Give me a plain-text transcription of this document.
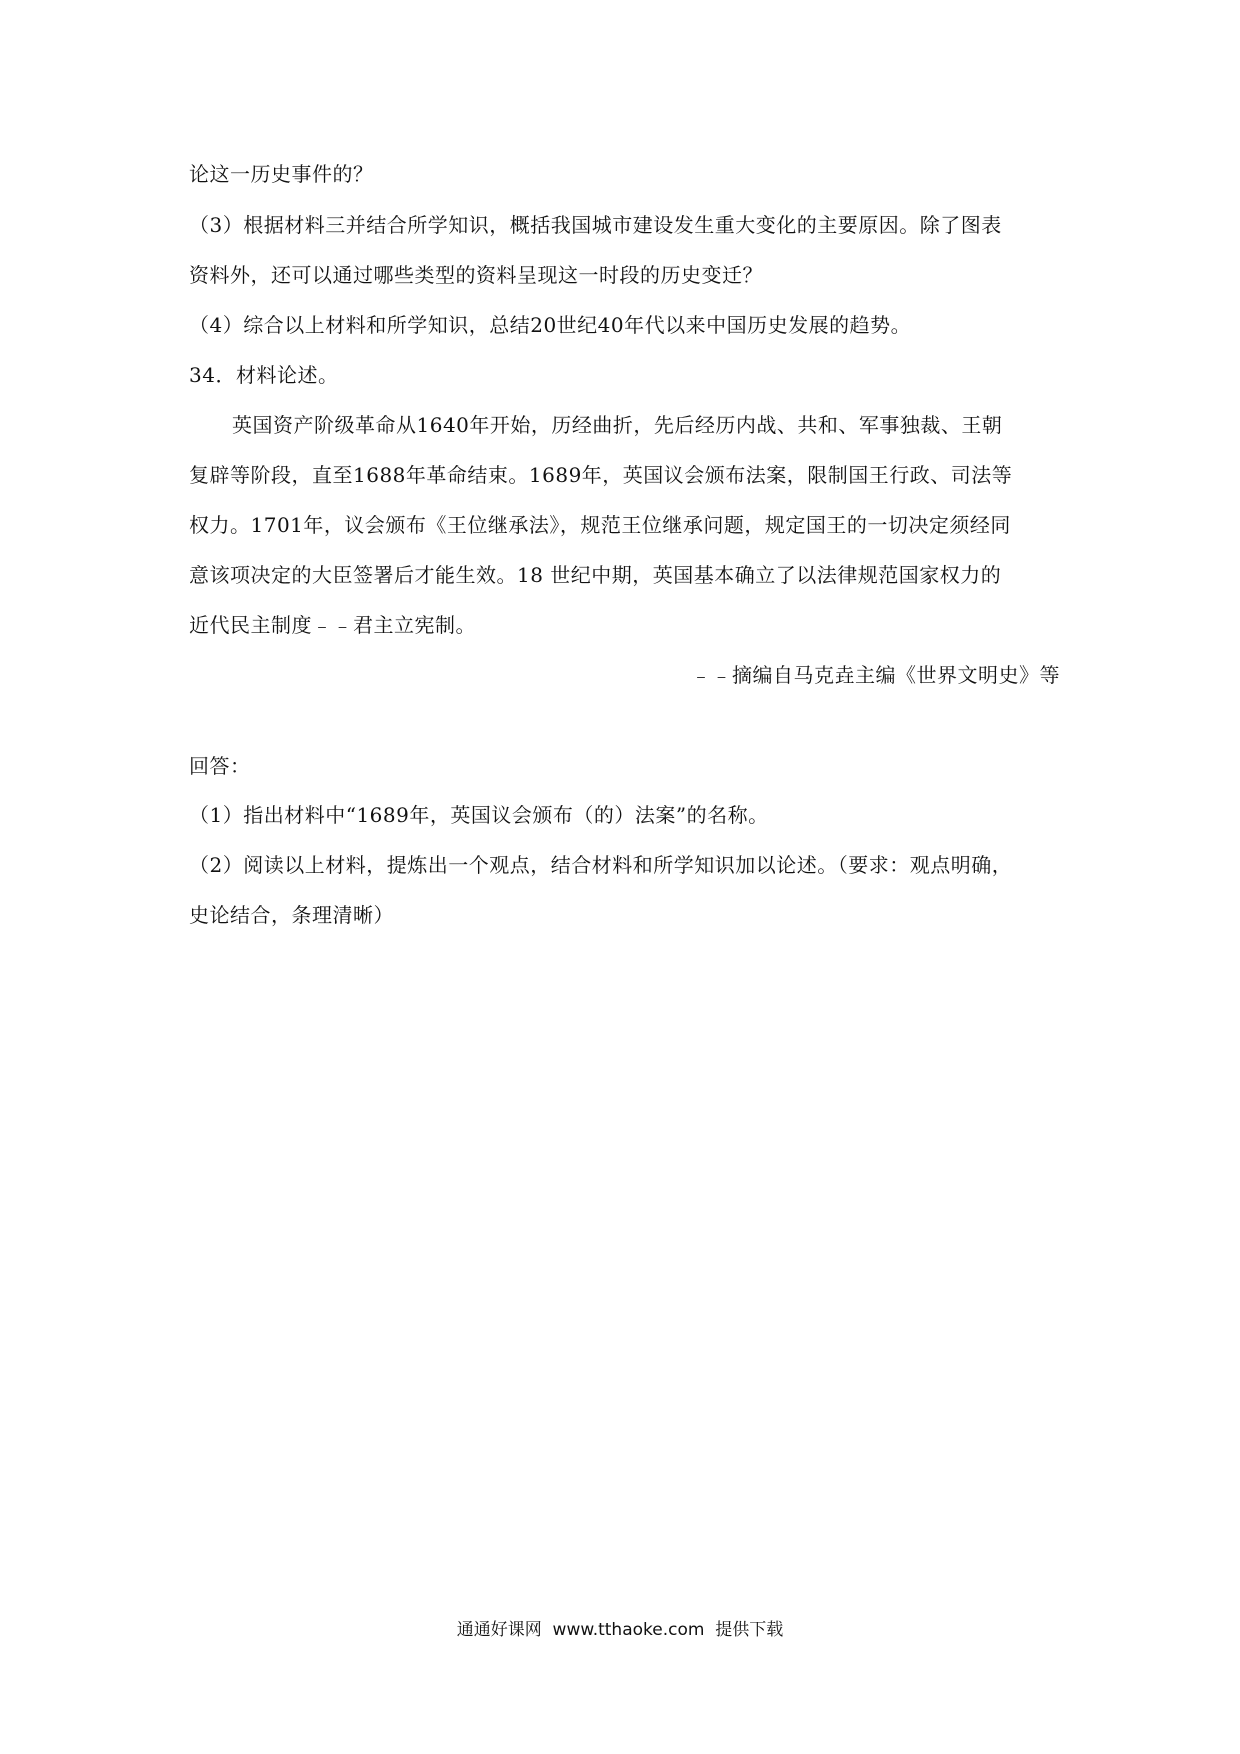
论这一历史事件的？
（3）根据材料三并结合所学知识，概括我国城市建设发生重大变化的主要原因。除了图表
资料外，还可以通过哪些类型的资料呈现这一时段的历史变迁？
（4）综合以上材料和所学知识，总结20世纪40年代以来中国历史发展的趋势。
34．材料论述。
英国资产阶级革命从1640年开始，历经曲折，先后经历内战、共和、军事独裁、王朝
复辟等阶段，直至1688年革命结束。1689年，英国议会颁布法案，限制国王行政、司法等
权力。1701年，议会颁布《王位继承法》，规范王位继承问题，规定国王的一切决定须经同
意该项决定的大臣签署后才能生效。18 世纪中期，英国基本确立了以法律规范国家权力的
近代民主制度﹣﹣君主立宪制。
﹣﹣摘编自马克垚主编《世界文明史》等
回答：
（1）指出材料中“1689年，英国议会颁布（的）法案”的名称。
（2）阅读以上材料，提炼出一个观点，结合材料和所学知识加以论述。（要求：观点明确，
史论结合，条理清晰）
通通好课网  www.tthaoke.com  提供下载
